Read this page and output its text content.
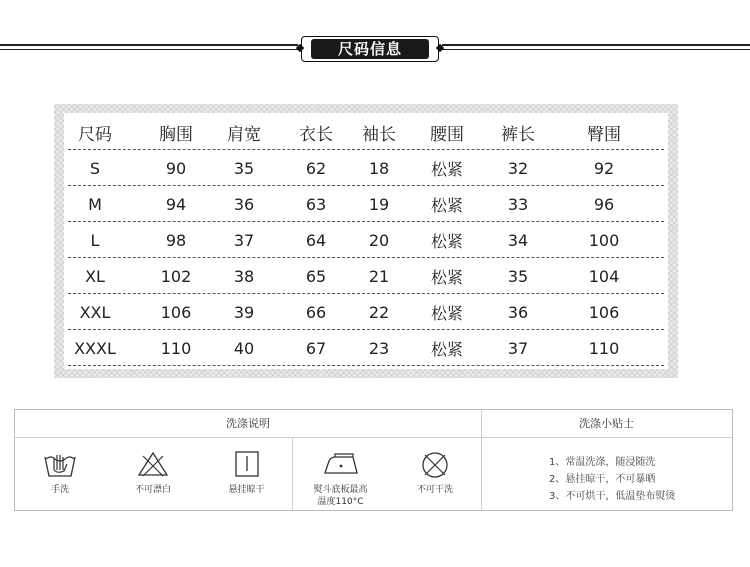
尺码信息
尺码	胸围	肩宽	衣长	袖长	腰围	裤长	臀围
S	90	35	62	18	松紧	32	92
M	94	36	63	19	松紧	33	96
L	98	37	64	20	松紧	34	100
XL	102	38	65	21	松紧	35	104
XXL	106	39	66	22	松紧	36	106
XXXL	110	40	67	23	松紧	37	110
洗涤说明	洗涤小贴士
手洗	不可漂白	悬挂晾干	熨斗底板最高
温度110°C
不可干洗
1、常温洗涤，随浸随洗
2、悬挂晾干，不可暴晒
3、不可烘干，低温垫布熨烫
